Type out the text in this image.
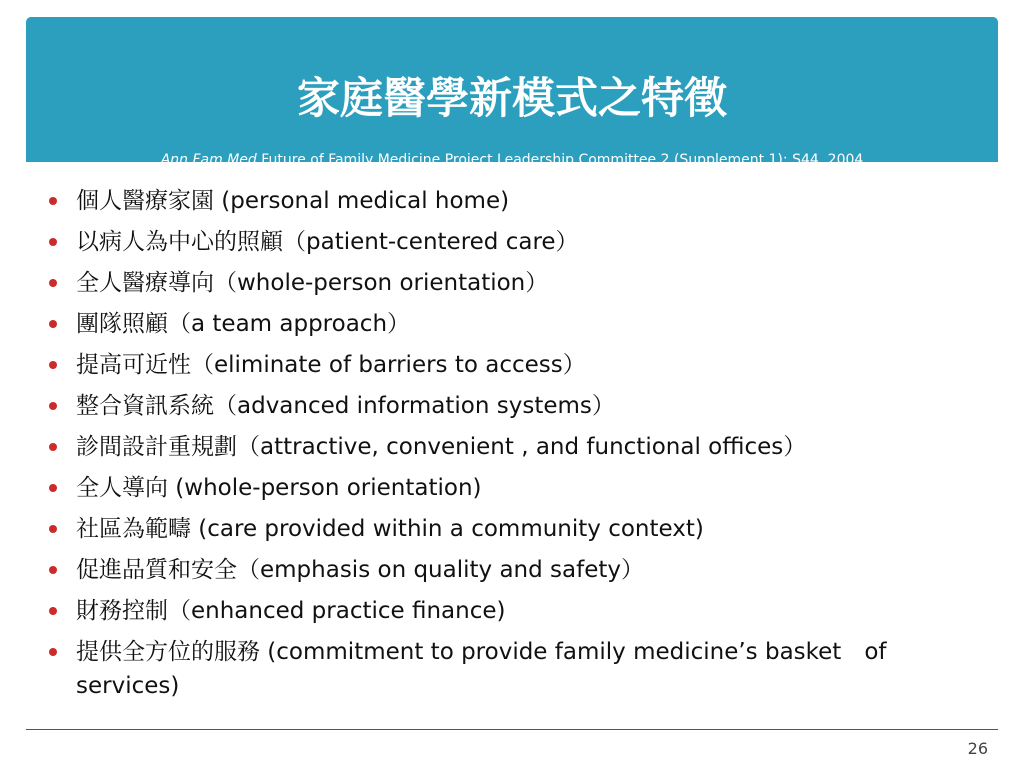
家庭醫學新模式之特徵
Ann Fam Med Future of Family Medicine Project Leadership Committee 2 (Supplement 1): S44. 2004
個人醫療家園 (personal medical home)
以病人為中心的照顧（patient-centered care）
全人醫療導向（whole-person orientation）
團隊照顧（a team approach）
提高可近性（eliminate of barriers to access）
整合資訊系統（advanced information systems）
診間設計重規劃（attractive, convenient , and functional offices）
全人導向 (whole-person orientation)
社區為範疇 (care provided within a community context)
促進品質和安全（emphasis on quality and safety）
財務控制（enhanced practice finance)
提供全方位的服務 (commitment to provide family medicine’s basket　of services)
26
